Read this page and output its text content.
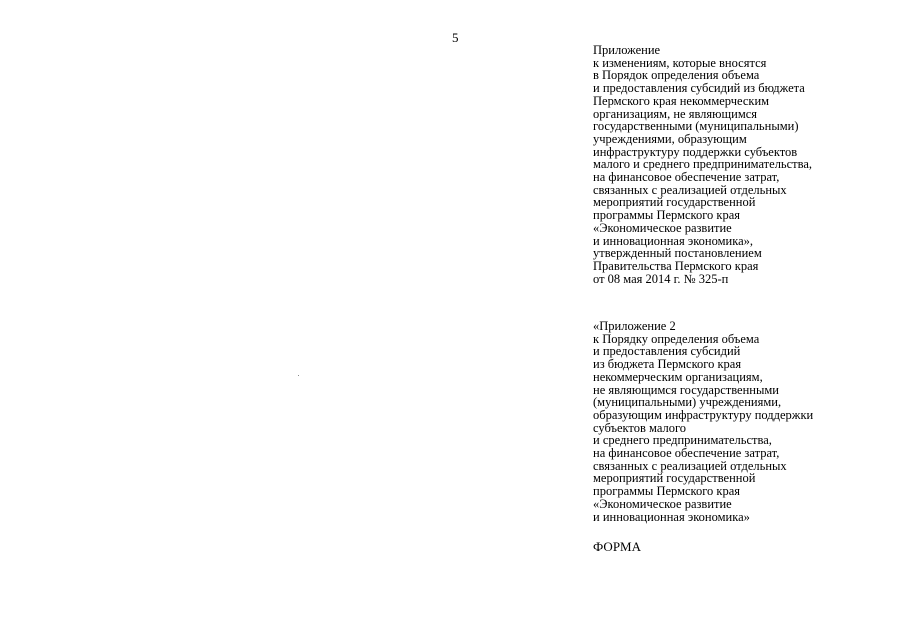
5
Приложение
к изменениям, которые вносятся
в Порядок определения объема
и предоставления субсидий из бюджета
Пермского края некоммерческим
организациям, не являющимся
государственными (муниципальными)
учреждениями, образующим
инфраструктуру поддержки субъектов
малого и среднего предпринимательства,
на финансовое обеспечение затрат,
связанных с реализацией отдельных
мероприятий государственной
программы Пермского края
«Экономическое развитие
и инновационная экономика»,
утвержденный постановлением
Правительства Пермского края
от 08 мая 2014 г. № 325-п
«Приложение 2
к Порядку определения объема
и предоставления субсидий
из бюджета Пермского края
некоммерческим организациям,
не являющимся государственными
(муниципальными) учреждениями,
образующим инфраструктуру поддержки
субъектов малого
и среднего предпринимательства,
на финансовое обеспечение затрат,
связанных с реализацией отдельных
мероприятий государственной
программы Пермского края
«Экономическое развитие
и инновационная экономика»
ФОРМА
